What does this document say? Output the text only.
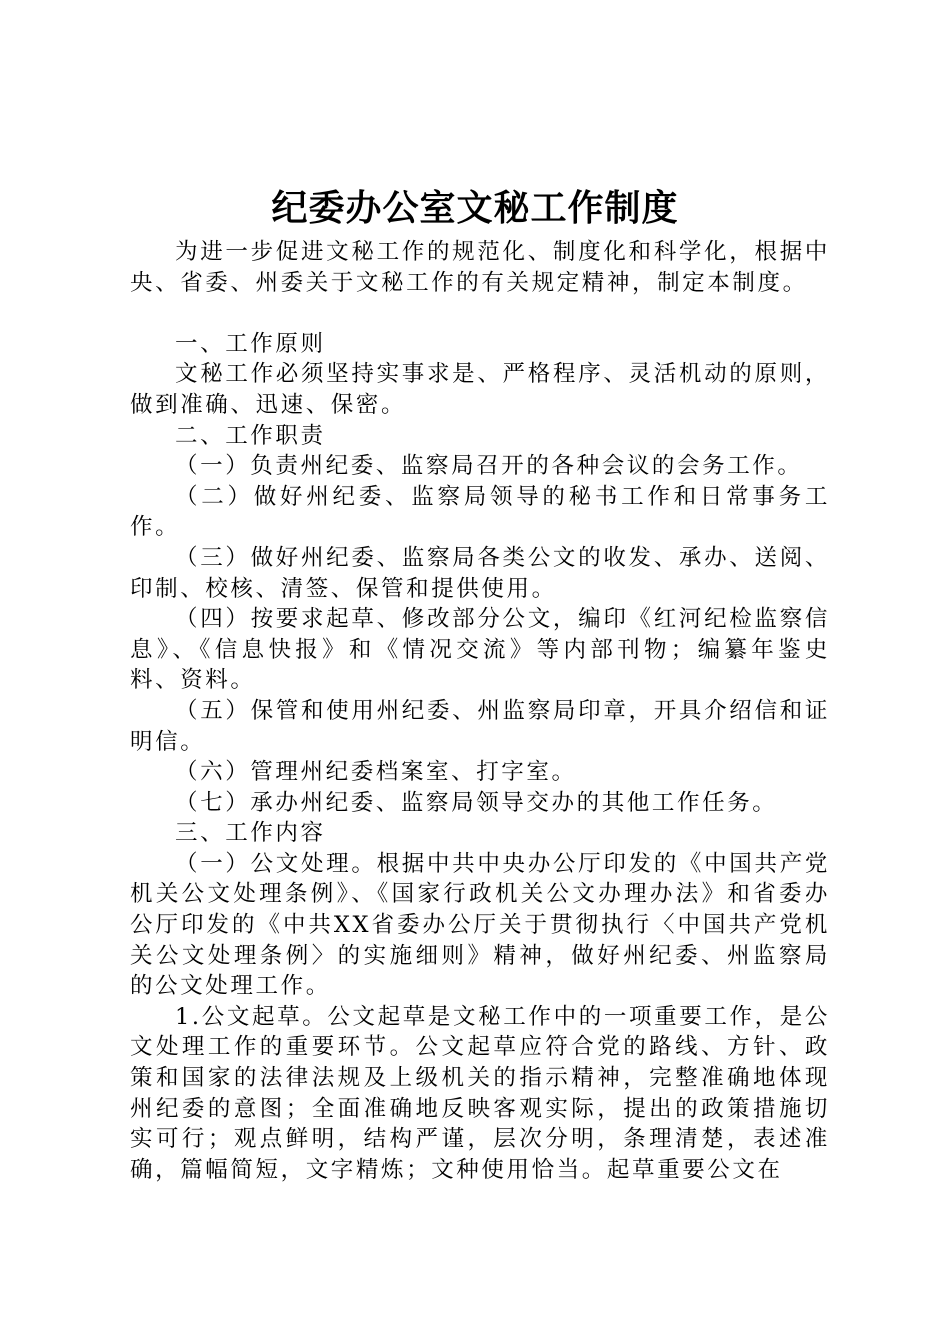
纪委办公室文秘工作制度

为进一步促进文秘工作的规范化、制度化和科学化，根据中央、省委、州委关于文秘工作的有关规定精神，制定本制度。

一、工作原则

文秘工作必须坚持实事求是、严格程序、灵活机动的原则，做到准确、迅速、保密。

二、工作职责

（一）负责州纪委、监察局召开的各种会议的会务工作。

（二）做好州纪委、监察局领导的秘书工作和日常事务工作。

（三）做好州纪委、监察局各类公文的收发、承办、送阅、印制、校核、清签、保管和提供使用。

（四）按要求起草、修改部分公文，编印《红河纪检监察信息》、《信息快报》和《情况交流》等内部刊物；编纂年鉴史料、资料。

（五）保管和使用州纪委、州监察局印章，开具介绍信和证明信。

（六）管理州纪委档案室、打字室。

（七）承办州纪委、监察局领导交办的其他工作任务。

三、工作内容

（一）公文处理。根据中共中央办公厅印发的《中国共产党机关公文处理条例》、《国家行政机关公文办理办法》和省委办公厅印发的《中共XX省委办公厅关于贯彻执行〈中国共产党机关公文处理条例〉的实施细则》精神，做好州纪委、州监察局的公文处理工作。

1.公文起草。公文起草是文秘工作中的一项重要工作，是公文处理工作的重要环节。公文起草应符合党的路线、方针、政策和国家的法律法规及上级机关的指示精神，完整准确地体现州纪委的意图；全面准确地反映客观实际，提出的政策措施切实可行；观点鲜明，结构严谨，层次分明，条理清楚，表述准确，篇幅简短，文字精炼；文种使用恰当。起草重要公文在
